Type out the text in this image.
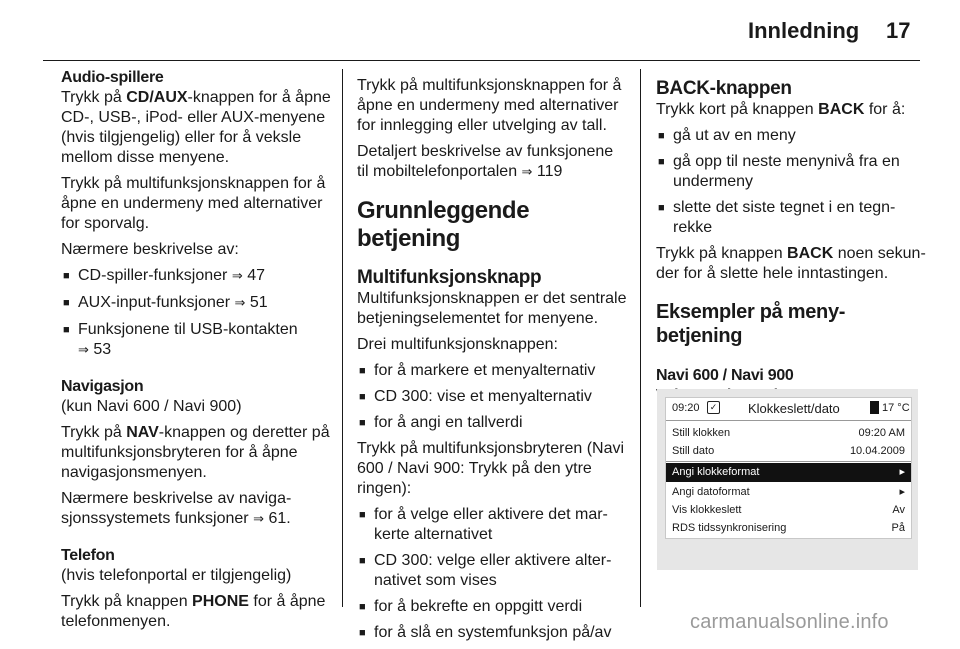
Innledning 17
Audio-spillere

Trykk på CD/AUX-knappen for å åpne CD-, USB-, iPod- eller AUX-menyene (hvis tilgjengelig) eller for å veksle mellom disse menyene.

Trykk på multifunksjonsknappen for å åpne en undermeny med alternativer for sporvalg.

Nærmere beskrivelse av:

■ CD-spiller-funksjoner ⇒ 47
■ AUX-input-funksjoner ⇒ 51
■ Funksjonene til USB-kontakten
⇒ 53
Navigasjon

(kun Navi 600 / Navi 900)

Trykk på NAV-knappen og deretter på multifunksjonsbryteren for å åpne navigasjonsmenyen.

Nærmere beskrivelse av navigasjonssystemets funksjoner ⇒ 61.

Telefon

(hvis telefonportal er tilgjengelig)

Trykk på knappen PHONE for å åpne telefonmenyen.

Trykk på multifunksjonsknappen for å åpne en undermeny med alternativer for innlegging eller utvelging av tall.

Detaljert beskrivelse av funksjonene til mobiltelefonportalen ⇒ 119

Grunnleggende betjening
Multifunksjonsknapp

Multifunksjonsknappen er det sentrale betjeningselementet for menyene.

Drei multifunksjonsknappen:

■ for å markere et menyalternativ
■ CD 300: vise et menyalternativ
■ for å angi en tallverdi

Trykk på multifunksjonsbryteren (Navi 600 / Navi 900: Trykk på den ytre ringen):

■ for å velge eller aktivere det markerte alternativet
■ CD 300: velge eller aktivere alternativet som vises
■ for å bekrefte en oppgitt verdi
■ for å slå en systemfunksjon på/av
BACK-knappen

Trykk kort på knappen BACK for å:

■ gå ut av en meny
■ gå opp til neste menynivå fra en undermeny
■ slette det siste tegnet i en tegnrekke

Trykk på knappen BACK noen sekunder for å slette hele inntastingen.

Eksempler på meny-betjening
Navi 600 / Navi 900
09:20	✓ Klokkeslett/dato	17 °C
Still klokken	09:20 AM
Still dato	10.04.2009
Angi klokkeformat	▸
Angi datoformat	▸
Vis klokkeslett	Av
RDS tidssynkronisering	På
carmanualsonline.info
